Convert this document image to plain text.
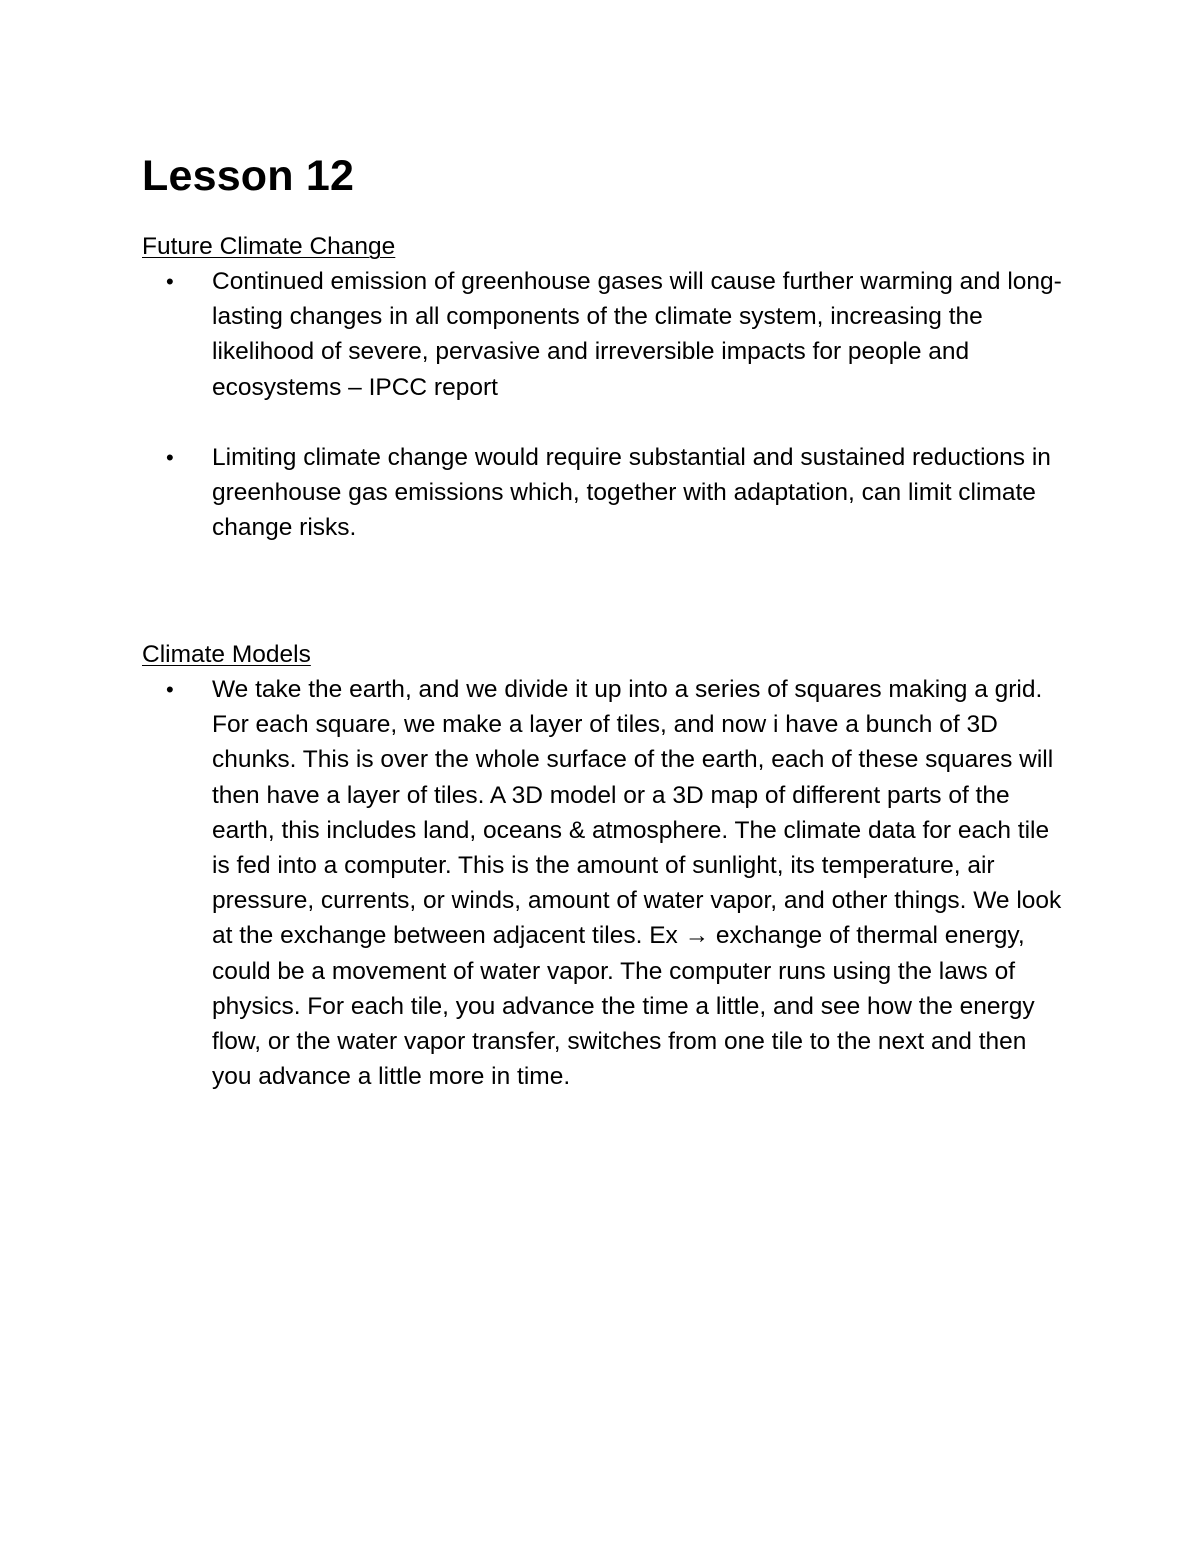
Lesson 12
Future Climate Change
• Continued emission of greenhouse gases will cause further warming and long-lasting changes in all components of the climate system, increasing the likelihood of severe, pervasive and irreversible impacts for people and ecosystems – IPCC report
• Limiting climate change would require substantial and sustained reductions in greenhouse gas emissions which, together with adaptation, can limit climate change risks.
Climate Models
• We take the earth, and we divide it up into a series of squares making a grid. For each square, we make a layer of tiles, and now i have a bunch of 3D chunks. This is over the whole surface of the earth, each of these squares will then have a layer of tiles. A 3D model or a 3D map of different parts of the earth, this includes land, oceans & atmosphere. The climate data for each tile is fed into a computer. This is the amount of sunlight, its temperature, air pressure, currents, or winds, amount of water vapor, and other things. We look at the exchange between adjacent tiles. Ex → exchange of thermal energy, could be a movement of water vapor. The computer runs using the laws of physics. For each tile, you advance the time a little, and see how the energy flow, or the water vapor transfer, switches from one tile to the next and then you advance a little more in time.
